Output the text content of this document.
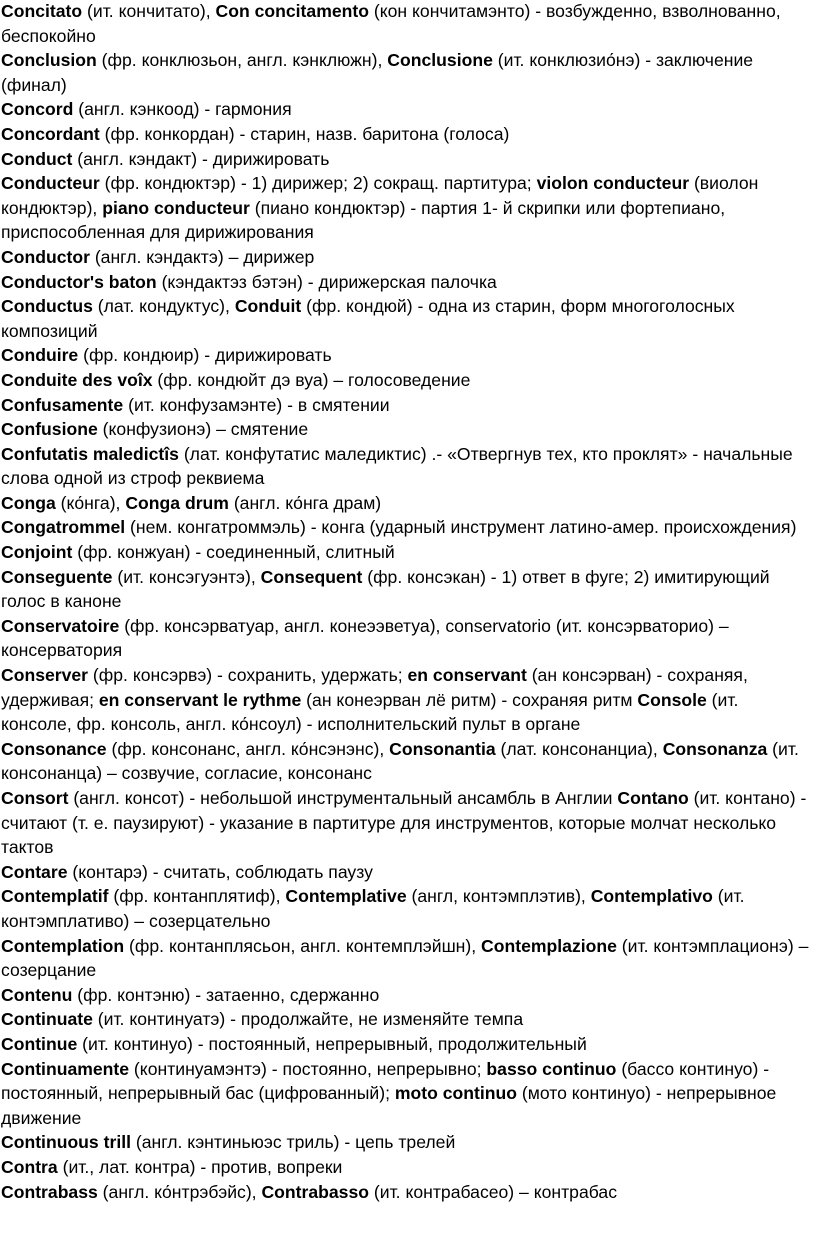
Concitato (ит. кончитато), Con concitamento (кон кончитамэнто) - возбужденно, взволнованно, беспокойно

Conclusion (фр. конклюзьон, англ. кэнклюжн), Conclusione (ит. конклюзио́нэ) - заключение (финал)

Concord (англ. кэнкоод) - гармония

Concordant (фр. конкордан) - старин, назв. баритона (голоса)

Conduct (англ. кэндакт) - дирижировать

Conducteur (фр. кондюктэр) - 1) дирижер; 2) сокращ. партитура; violon conducteur (виолон кондюктэр), piano conducteur (пиано кондюктэр) - партия 1- й скрипки или фортепиано, приспособленная для дирижирования

Conductor (англ. кэндактэ) – дирижер

Conductor's baton (кэндактэз бэтэн) - дирижерская палочка

Conductus (лат. кондуктус), Conduit (фр. кондюй) - одна из старин, форм многоголосных композиций

Conduire (фр. кондюир) - дирижировать

Conduite des voîx (фр. кондюйт дэ вуа) – голосоведение

Confusamente (ит. конфузамэнте) - в смятении

Confusione (конфузионэ) – смятение

Confutatis maledictîs (лат. конфутатис маледиктис) .- «Отвергнув тех, кто проклят» - начальные слова одной из строф реквиема

Conga (ко́нга), Conga drum (англ. ко́нга драм)

Congatrommel (нем. конгатроммэль) - конга (ударный инструмент латино-амер. происхождения)

Conjoint (фр. конжуан) - соединенный, слитный

Conseguente (ит. консэгуэнтэ), Consequent (фр. консэкан) - 1) ответ в фуге; 2) имитирующий голос в каноне

Conservatoire (фр. консэрватуар, англ. конеээветуа), conservatorio (ит. консэрваторио) – консерватория

Conserver (фр. консэрвэ) - сохранить, удержать; en conservant (ан консэрван) - сохраняя, удерживая; en conservant le rythme (ан конеэрван лё ритм) - сохраняя ритм Console (ит. консоле, фр. консоль, англ. ко́нсоул) - исполнительский пульт в органе

Consonance (фр. консонанс, англ. ко́нсэнэнс), Consonantia (лат. консонанциа), Consonanza (ит. консонанца) – созвучие, согласие, консонанс

Consort (англ. консот) - небольшой инструментальный ансамбль в Англии Contano (ит. контано) - считают (т. е. паузируют) - указание в партитуре для инструментов, которые молчат несколько тактов

Contare (контарэ) - считать, соблюдать паузу

Contemplatif (фр. контанплятиф), Contemplative (англ, контэмплэтив), Contemplativo (ит. контэмплативо) – созерцательно

Contemplation (фр. контанплясьон, англ. контемплэйшн), Contemplazione (ит. контэмплационэ) – созерцание

Contenu (фр. контэню) - затаенно, сдержанно

Continuate (ит. континуатэ) - продолжайте, не изменяйте темпа

Continue (ит. континуо) - постоянный, непрерывный, продолжительный

Continuamente (континуамэнтэ) - постоянно, непрерывно; basso continuo (бассо континуо) - постоянный, непрерывный бас (цифрованный); moto continuo (мото континуо) - непрерывное движение

Continuous trill (англ. кэнтиньюэс триль) - цепь трелей

Contra (ит., лат. контра) - против, вопреки

Contrabass (англ. ко́нтрэбэйс), Contrabasso (ит. контрабасео) – контрабас
